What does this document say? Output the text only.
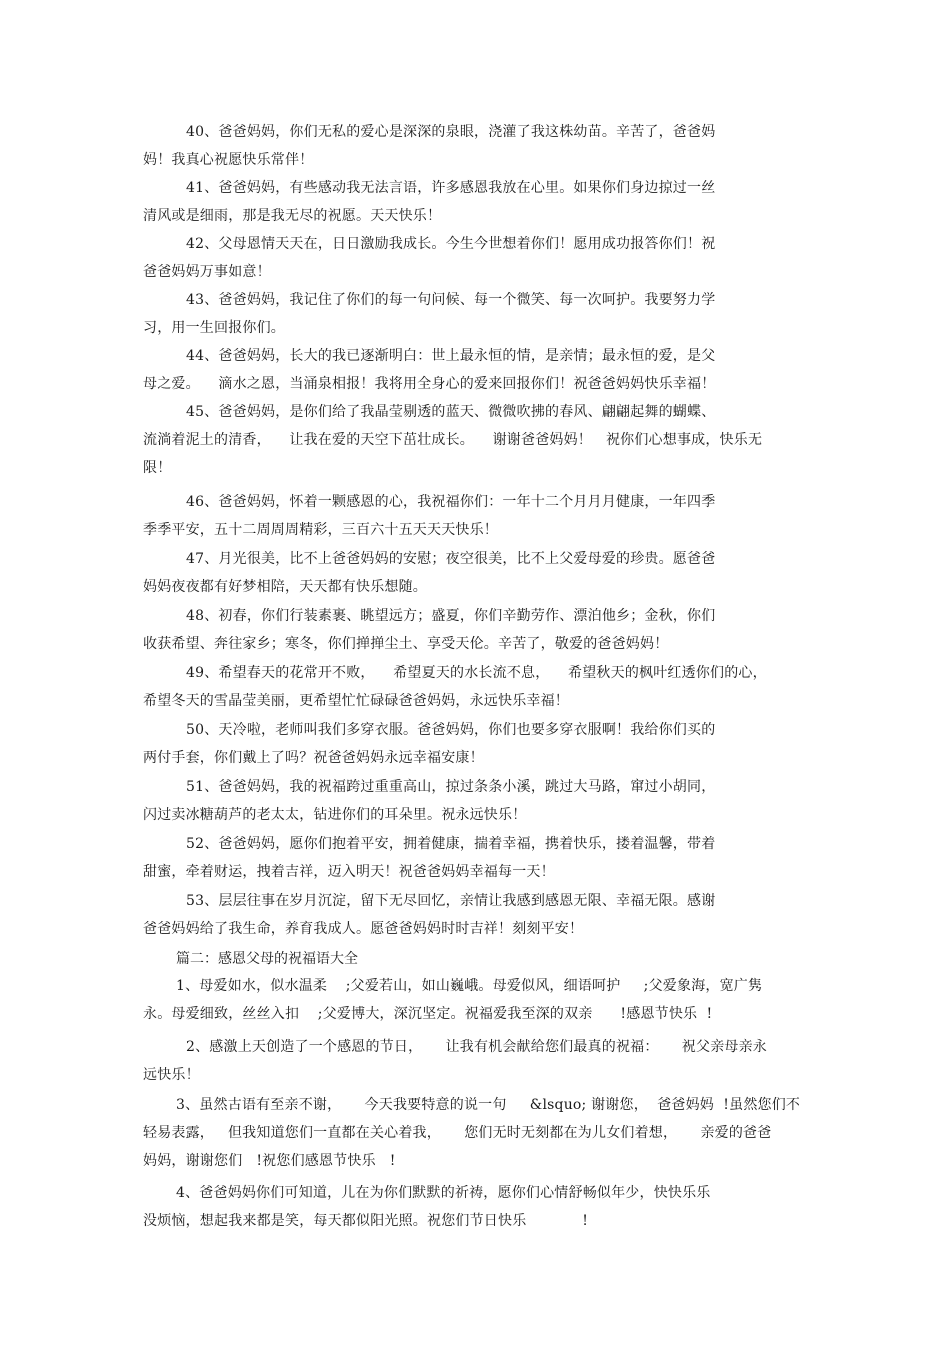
40、爸爸妈妈，你们无私的爱心是深深的泉眼，浇灌了我这株幼苗。辛苦了，爸爸妈
妈！我真心祝愿快乐常伴！
41、爸爸妈妈，有些感动我无法言语，许多感恩我放在心里。如果你们身边掠过一丝
清风或是细雨，那是我无尽的祝愿。天天快乐！
42、父母恩情天天在，日日激励我成长。今生今世想着你们！愿用成功报答你们！祝
爸爸妈妈万事如意！
43、爸爸妈妈，我记住了你们的每一句问候、每一个微笑、每一次呵护。我要努力学
习，用一生回报你们。
44、爸爸妈妈，长大的我已逐渐明白：世上最永恒的情，是亲情；最永恒的爱，是父
母之爱。    滴水之恩，当涌泉相报！我将用全身心的爱来回报你们！祝爸爸妈妈快乐幸福！
45、爸爸妈妈，是你们给了我晶莹剔透的蓝天、微微吹拂的春风、翩翩起舞的蝴蝶、
流淌着泥土的清香，    让我在爱的天空下茁壮成长。    谢谢爸爸妈妈！   祝你们心想事成，快乐无
限！
46、爸爸妈妈，怀着一颗感恩的心，我祝福你们：一年十二个月月月健康，一年四季
季季平安，五十二周周周精彩，三百六十五天天天快乐！
47、月光很美，比不上爸爸妈妈的安慰；夜空很美，比不上父爱母爱的珍贵。愿爸爸
妈妈夜夜都有好梦相陪，天天都有快乐想随。
48、初春，你们行装素裹、眺望远方；盛夏，你们辛勤劳作、漂泊他乡；金秋，你们
收获希望、奔往家乡；寒冬，你们掸掸尘土、享受天伦。辛苦了，敬爱的爸爸妈妈！
49、希望春天的花常开不败，    希望夏天的水长流不息，    希望秋天的枫叶红透你们的心，
希望冬天的雪晶莹美丽，更希望忙忙碌碌爸爸妈妈，永远快乐幸福！
50、天冷啦，老师叫我们多穿衣服。爸爸妈妈，你们也要多穿衣服啊！我给你们买的
两付手套，你们戴上了吗？祝爸爸妈妈永远幸福安康！
51、爸爸妈妈，我的祝福跨过重重高山，掠过条条小溪，跳过大马路，窜过小胡同，
闪过卖冰糖葫芦的老太太，钻进你们的耳朵里。祝永远快乐！
52、爸爸妈妈，愿你们抱着平安，拥着健康，揣着幸福，携着快乐，搂着温馨，带着
甜蜜，牵着财运，拽着吉祥，迈入明天！祝爸爸妈妈幸福每一天！
53、层层往事在岁月沉淀，留下无尽回忆，亲情让我感到感恩无限、幸福无限。感谢
爸爸妈妈给了我生命，养育我成人。愿爸爸妈妈时时吉祥！刻刻平安！
篇二：感恩父母的祝福语大全
1、母爱如水，似水温柔    ;父爱若山，如山巍峨。母爱似风，细语呵护     ;父爱象海，宽广隽
永。母爱细致，丝丝入扣    ;父爱博大，深沉坚定。祝福爱我至深的双亲      !感恩节快乐  !
2、感激上天创造了一个感恩的节日，     让我有机会献给您们最真的祝福：     祝父亲母亲永
远快乐！
3、虽然古语有至亲不谢，     今天我要特意的说一句     &lsquo; 谢谢您，  爸爸妈妈  !虽然您们不
轻易表露，   但我知道您们一直都在关心着我，     您们无时无刻都在为儿女们着想，     亲爱的爸爸
妈妈，谢谢您们   !祝您们感恩节快乐   !
4、爸爸妈妈你们可知道，儿在为你们默默的祈祷，愿你们心情舒畅似年少，快快乐乐
没烦恼，想起我来都是笑，每天都似阳光照。祝您们节日快乐            !
